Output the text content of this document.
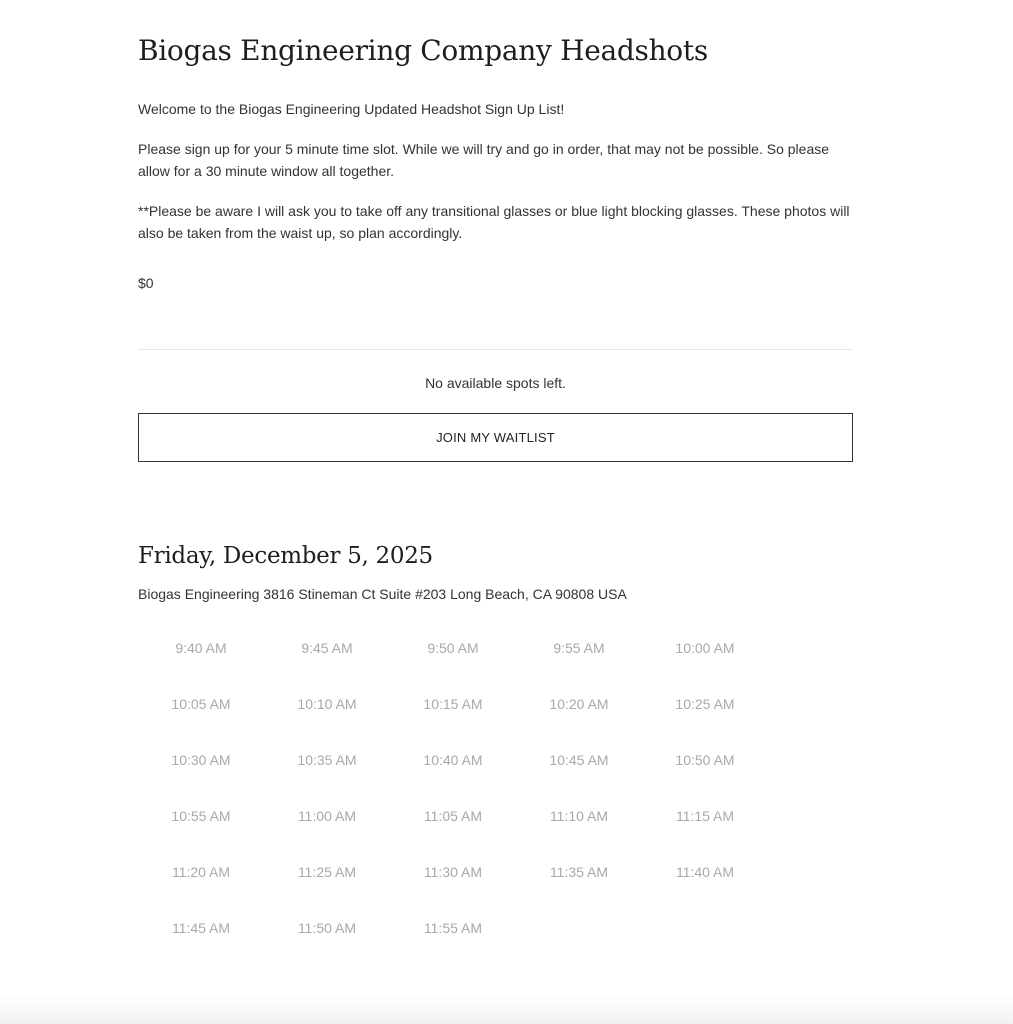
Biogas Engineering Company Headshots

Welcome to the Biogas Engineering Updated Headshot Sign Up List!

Please sign up for your 5 minute time slot. While we will try and go in order, that may not be possible. So please allow for a 30 minute window all together.

**Please be aware I will ask you to take off any transitional glasses or blue light blocking glasses. These photos will also be taken from the waist up, so plan accordingly.

$0
No available spots left.
JOIN MY WAITLIST
Friday, December 5, 2025
Biogas Engineering 3816 Stineman Ct Suite #203 Long Beach, CA 90808 USA
9:40 AM	9:45 AM	9:50 AM	9:55 AM	10:00 AM
10:05 AM	10:10 AM	10:15 AM	10:20 AM	10:25 AM
10:30 AM	10:35 AM	10:40 AM	10:45 AM	10:50 AM
10:55 AM	11:00 AM	11:05 AM	11:10 AM	11:15 AM
11:20 AM	11:25 AM	11:30 AM	11:35 AM	11:40 AM
11:45 AM	11:50 AM	11:55 AM
